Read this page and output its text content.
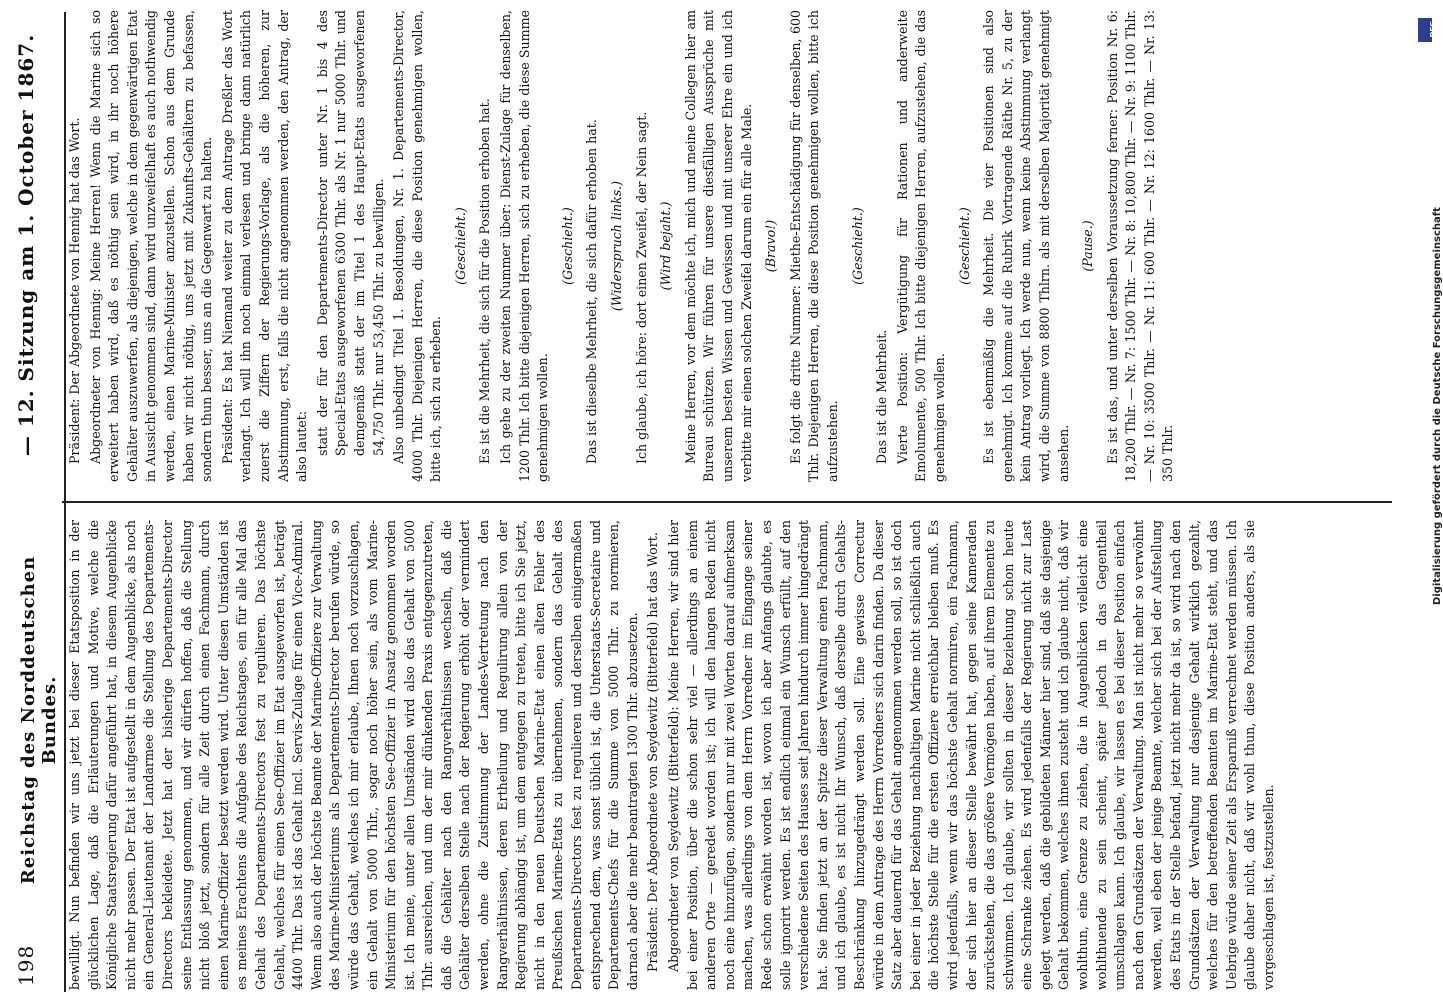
198
Reichstag des Norddeutschen Bundes.
— 12. Sitzung am 1. October 1867.

bewilligt. Nun befinden wir uns jetzt bei dieser Etatsposition in der glücklichen Lage, daß die Erläuterungen und Motive, welche die Königliche Staatsregierung dafür angeführt hat, in diesem Augenblicke nicht mehr passen. Der Etat ist aufgestellt in dem Augenblicke, als noch ein General-Lieutenant der Landarmee die Stellung des Departements-Directors bekleidete. Jetzt hat der bisherige Departements-Director seine Entlassung genommen, und wir dürfen hoffen, daß die Stellung nicht bloß jetzt, sondern für alle Zeit durch einen Fachmann, durch einen Marine-Offizier besetzt werden wird. Unter diesen Umständen ist es meines Erachtens die Aufgabe des Reichstages, ein für alle Mal das Gehalt des Departements-Directors fest zu regulieren. Das höchste Gehalt, welches für einen See-Offizier im Etat ausgeworfen ist, beträgt 4400 Thlr. Das ist das Gehalt incl. Servis-Zulage für einen Vice-Admiral. Wenn also auch der höchste Beamte der Marine-Offiziere zur Verwaltung des Marine-Ministeriums als Departements-Director berufen würde, so würde das Gehalt, welches ich mir erlaube, Ihnen noch vorzuschlagen, ein Gehalt von 5000 Thlr., sogar noch höher sein, als vom Marine-Ministerium für den höchsten See-Offizier in Ansatz genommen worden ist. Ich meine, unter allen Umständen wird also das Gehalt von 5000 Thlr. ausreichen, und um der mir dünkenden Praxis entgegenzutreten, daß die Gehälter nach den Rangverhältnissen wechseln, daß die Gehälter derselben Stelle nach der Regierung erhöht oder vermindert werden, ohne die Zustimmung der Landes-Vertretung nach den Rangverhältnissen, deren Ertheilung und Regulirung allein von der Regierung abhängig ist, um dem entgegen zu treten, bitte ich Sie jetzt, nicht in den neuen Deutschen Marine-Etat einen alten Fehler des Preußischen Marine-Etats zu übernehmen, sondern das Gehalt des Departements-Directors fest zu regulieren und derselben einigermaßen entsprechend dem, was sonst üblich ist, die Unterstaats-Secretaire und Departements-Chefs für die Summe von 5000 Thlr. zu normieren, darnach aber die mehr beantragten 1300 Thlr. abzusetzen. Präsident: Der Abgeordnete von Seydewitz (Bitterfeld) hat das Wort. Abgeordneter von Seydewitz (Bitterfeld): Meine Herren, wir sind hier bei einer Position, über die schon sehr viel — allerdings an einem anderen Orte — geredet worden ist; ich will den langen Reden nicht noch eine hinzufügen, sondern nur mit zwei Worten darauf aufmerksam machen, was allerdings von dem Herrn Vorredner im Eingange seiner Rede schon erwähnt worden ist, wovon ich aber Anfangs glaubte, es solle ignorirt werden. Es ist endlich einmal ein Wunsch erfüllt, auf den verschiedene Seiten des Hauses seit Jahren hindurch immer hingedrängt hat. Sie finden jetzt an der Spitze dieser Verwaltung einen Fachmann, und ich glaube, es ist nicht Ihr Wunsch, daß derselbe durch Gehalts-Beschränkung hinzugedrängt werden soll. Eine gewisse Correctur würde in dem Antrage des Herrn Vorredners sich darin finden. Da dieser Satz aber dauernd für das Gehalt angenommen werden soll, so ist doch bei einer in jeder Beziehung nachhaltigen Marine nicht schließlich auch die höchste Stelle für die ersten Offiziere erreichbar bleiben muß. Es wird jedenfalls, wenn wir das höchste Gehalt normiren, ein Fachmann, der sich hier an dieser Stelle bewährt hat, gegen seine Kameraden zurückstehen, die das größere Vermögen haben, auf ihrem Elemente zu schwimmen. Ich glaube, wir sollten in dieser Beziehung schon heute eine Schranke ziehen. Es wird jedenfalls der Regierung nicht zur Last gelegt werden, daß die gebildeten Männer hier sind, daß sie dasjenige Gehalt bekommen, welches ihnen zusteht und ich glaube nicht, daß wir wohlthun, eine Grenze zu ziehen, die in Augenblicken vielleicht eine wohlthuende zu sein scheint, später jedoch in das Gegentheil umschlagen kann. Ich glaube, wir lassen es bei dieser Position einfach nach den Grundsätzen der Verwaltung. Man ist nicht mehr so verwöhnt werden, weil eben der jenige Beamte, welcher sich bei der Aufstellung des Etats in der Stelle befand, jetzt nicht mehr da ist, so wird nach den Grundsätzen der Verwaltung nur dasjenige Gehalt wirklich gezahlt, welches für den betreffenden Beamten im Marine-Etat steht, und das Uebrige würde seiner Zeit als Ersparniß verrechnet werden müssen. Ich glaube daher nicht, daß wir wohl thun, diese Position anders, als sie vorgeschlagen ist, festzustellen.

Präsident: Der Abgeordnete von Hennig hat das Wort. Abgeordneter von Hennig: Meine Herren! Wenn die Marine sich so erweitert haben wird, daß es nöthig sein wird, in ihr noch höhere Gehälter auszuwerfen, als diejenigen, welche in dem gegenwärtigen Etat in Aussicht genommen sind, dann wird unzweifelhaft es auch nothwendig werden, einen Marine-Minister anzustellen. Schon aus dem Grunde haben wir nicht nöthig, uns jetzt mit Zukunfts-Gehältern zu befassen, sondern thun besser, uns an die Gegenwart zu halten. Präsident: Es hat Niemand weiter zu dem Antrage Dreßler das Wort verlangt. Ich will ihn noch einmal verlesen und bringe dann natürlich zuerst die Ziffern der Regierungs-Vorlage, als die höheren, zur Abstimmung, erst, falls die nicht angenommen werden, den Antrag, der also lautet: statt der für den Departements-Director unter Nr. 1 bis 4 des Special-Etats ausgeworfenen 6300 Thlr. als Nr. 1 nur 5000 Thlr. und demgemäß statt der im Titel 1 des Haupt-Etats ausgeworfenen 54,750 Thlr. nur 53,450 Thlr. zu bewilligen. Also unbedingt Titel 1. Besoldungen, Nr. 1. Departements-Director, 4000 Thlr. Diejenigen Herren, die diese Position genehmigen wollen, bitte ich, sich zu erheben.

(Geschieht.) Es ist die Mehrheit, die sich für die Position erhoben hat. Ich gehe zu der zweiten Nummer über: Dienst-Zulage für denselben, 1200 Thlr. Ich bitte diejenigen Herren, sich zu erheben, die diese Summe genehmigen wollen.

(Geschieht.) Das ist dieselbe Mehrheit, die sich dafür erhoben hat. (Widerspruch links.) Ich glaube, ich höre: dort einen Zweifel, der Nein sagt. (Wird bejaht.) Meine Herren, vor dem möchte ich, mich und meine Collegen hier am Bureau schützen. Wir führen für unsere diesfälligen Aussprüche mit unserem besten Wissen und Gewissen und mit unserer Ehre ein und ich verbitte mir einen solchen Zweifel darum ein für alle Male. (Bravo!) Es folgt die dritte Nummer: Miethe-Entschädigung für denselben, 600 Thlr. Diejenigen Herren, die diese Position genehmigen wollen, bitte ich aufzustehen.

(Geschieht.)

Das ist die Mehrheit. Vierte Position: Vergütigung für Rationen und anderweite Emolumente, 500 Thlr. Ich bitte diejenigen Herren, aufzustehen, die das genehmigen wollen.

(Geschieht.) Es ist ebenmäßig die Mehrheit. Die vier Positionen sind also genehmigt. Ich komme auf die Rubrik Vortragende Räthe Nr. 5, zu der kein Antrag vorliegt. Ich werde nun, wenn keine Abstimmung verlangt wird, die Summe von 8800 Thlrn. als mit derselben Majorität genehmigt ansehen.

(Pause.) Es ist das, und unter derselben Voraussetzung ferner: Position Nr. 6: 18,200 Thlr. — Nr. 7: 1500 Thlr. — Nr. 8: 10,800 Thlr. — Nr. 9: 1100 Thlr. — Nr. 10: 3500 Thlr. — Nr. 11: 600 Thlr. — Nr. 12: 1600 Thlr. — Nr. 13: 350 Thlr.

DFG
Digitalisierung gefördert durch die Deutsche Forschungsgemeinschaft
